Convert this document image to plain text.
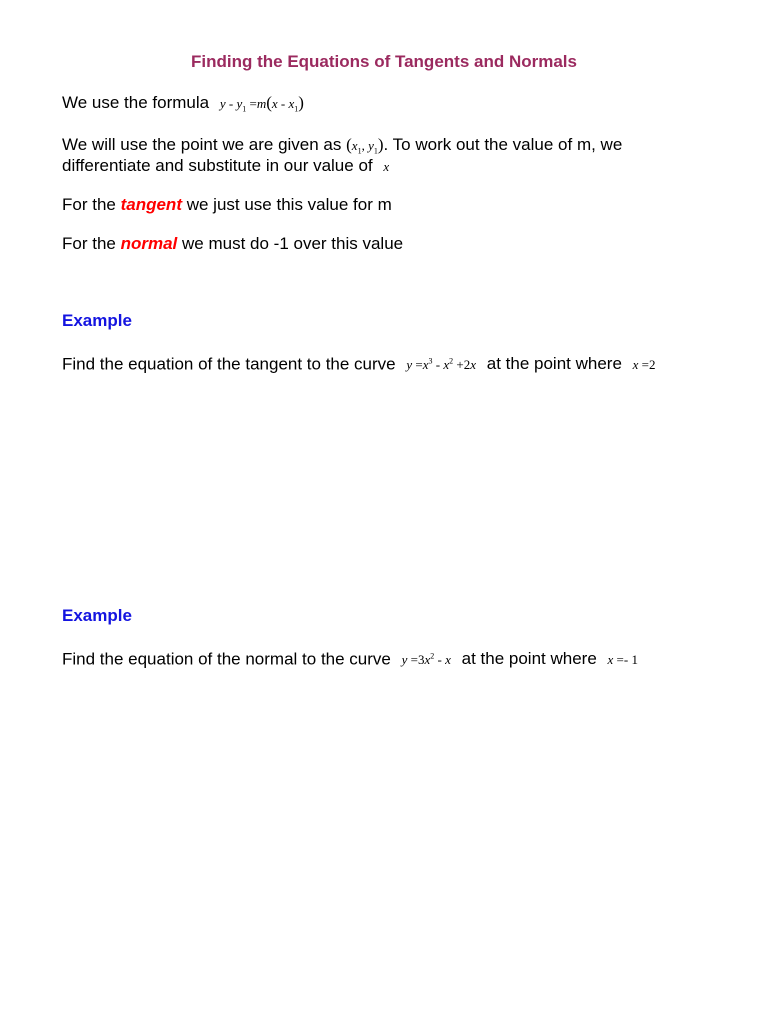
Finding the Equations of Tangents and Normals
We use the formula $y - y_1 =m(x - x_1)$
We will use the point we are given as ($x_1$, $y_1$). To work out the value of m, we
differentiate and substitute in our value of x
For the tangent we just use this value for m
For the normal we must do -1 over this value
Example
Find the equation of the tangent to the curve $y =x^3 - x^2 +2x$ at the point where x =2
Example
Find the equation of the normal to the curve $y =3x^2 - x$ at the point where x =- 1
